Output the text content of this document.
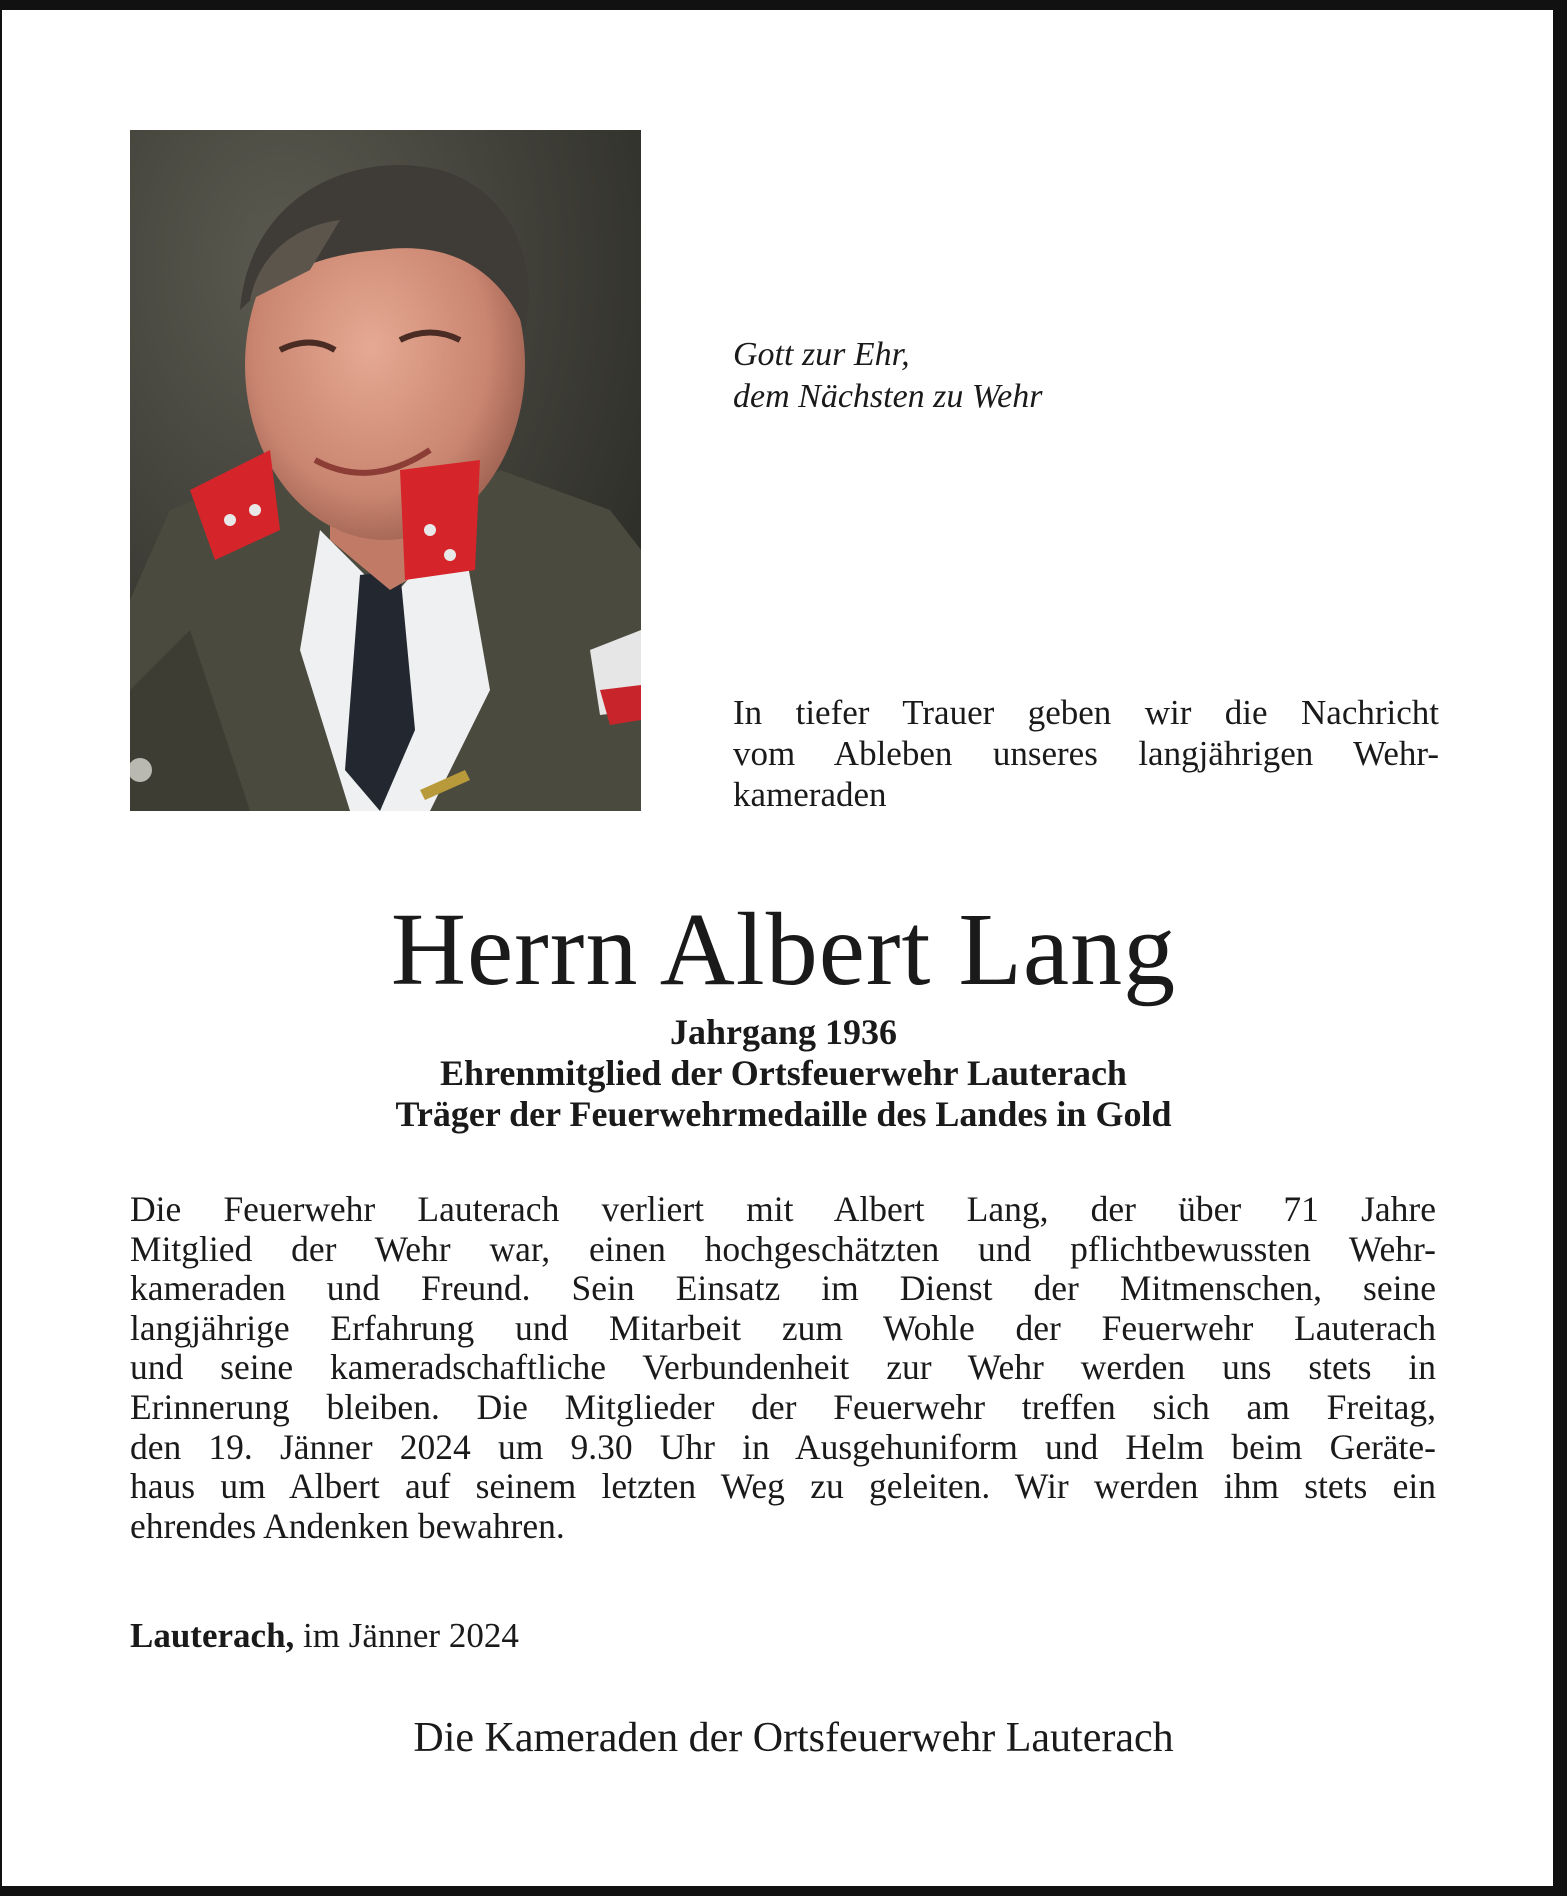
Gott zur Ehr,
dem Nächsten zu Wehr
In tiefer Trauer geben wir die Nachricht
vom Ableben unseres langjährigen Wehr-
kameraden
Herrn Albert Lang
Jahrgang 1936
Ehrenmitglied der Ortsfeuerwehr Lauterach
Träger der Feuerwehrmedaille des Landes in Gold
Die Feuerwehr Lauterach verliert mit Albert Lang, der über 71 Jahre
Mitglied der Wehr war, einen hochgeschätzten und pflichtbewussten Wehr-
kameraden und Freund. Sein Einsatz im Dienst der Mitmenschen, seine
langjährige Erfahrung und Mitarbeit zum Wohle der Feuerwehr Lauterach
und seine kameradschaftliche Verbundenheit zur Wehr werden uns stets in
Erinnerung bleiben. Die Mitglieder der Feuerwehr treffen sich am Freitag,
den 19. Jänner 2024 um 9.30 Uhr in Ausgehuniform und Helm beim Geräte-
haus um Albert auf seinem letzten Weg zu geleiten. Wir werden ihm stets ein
ehrendes Andenken bewahren.
Lauterach, im Jänner 2024
Die Kameraden der Ortsfeuerwehr Lauterach
